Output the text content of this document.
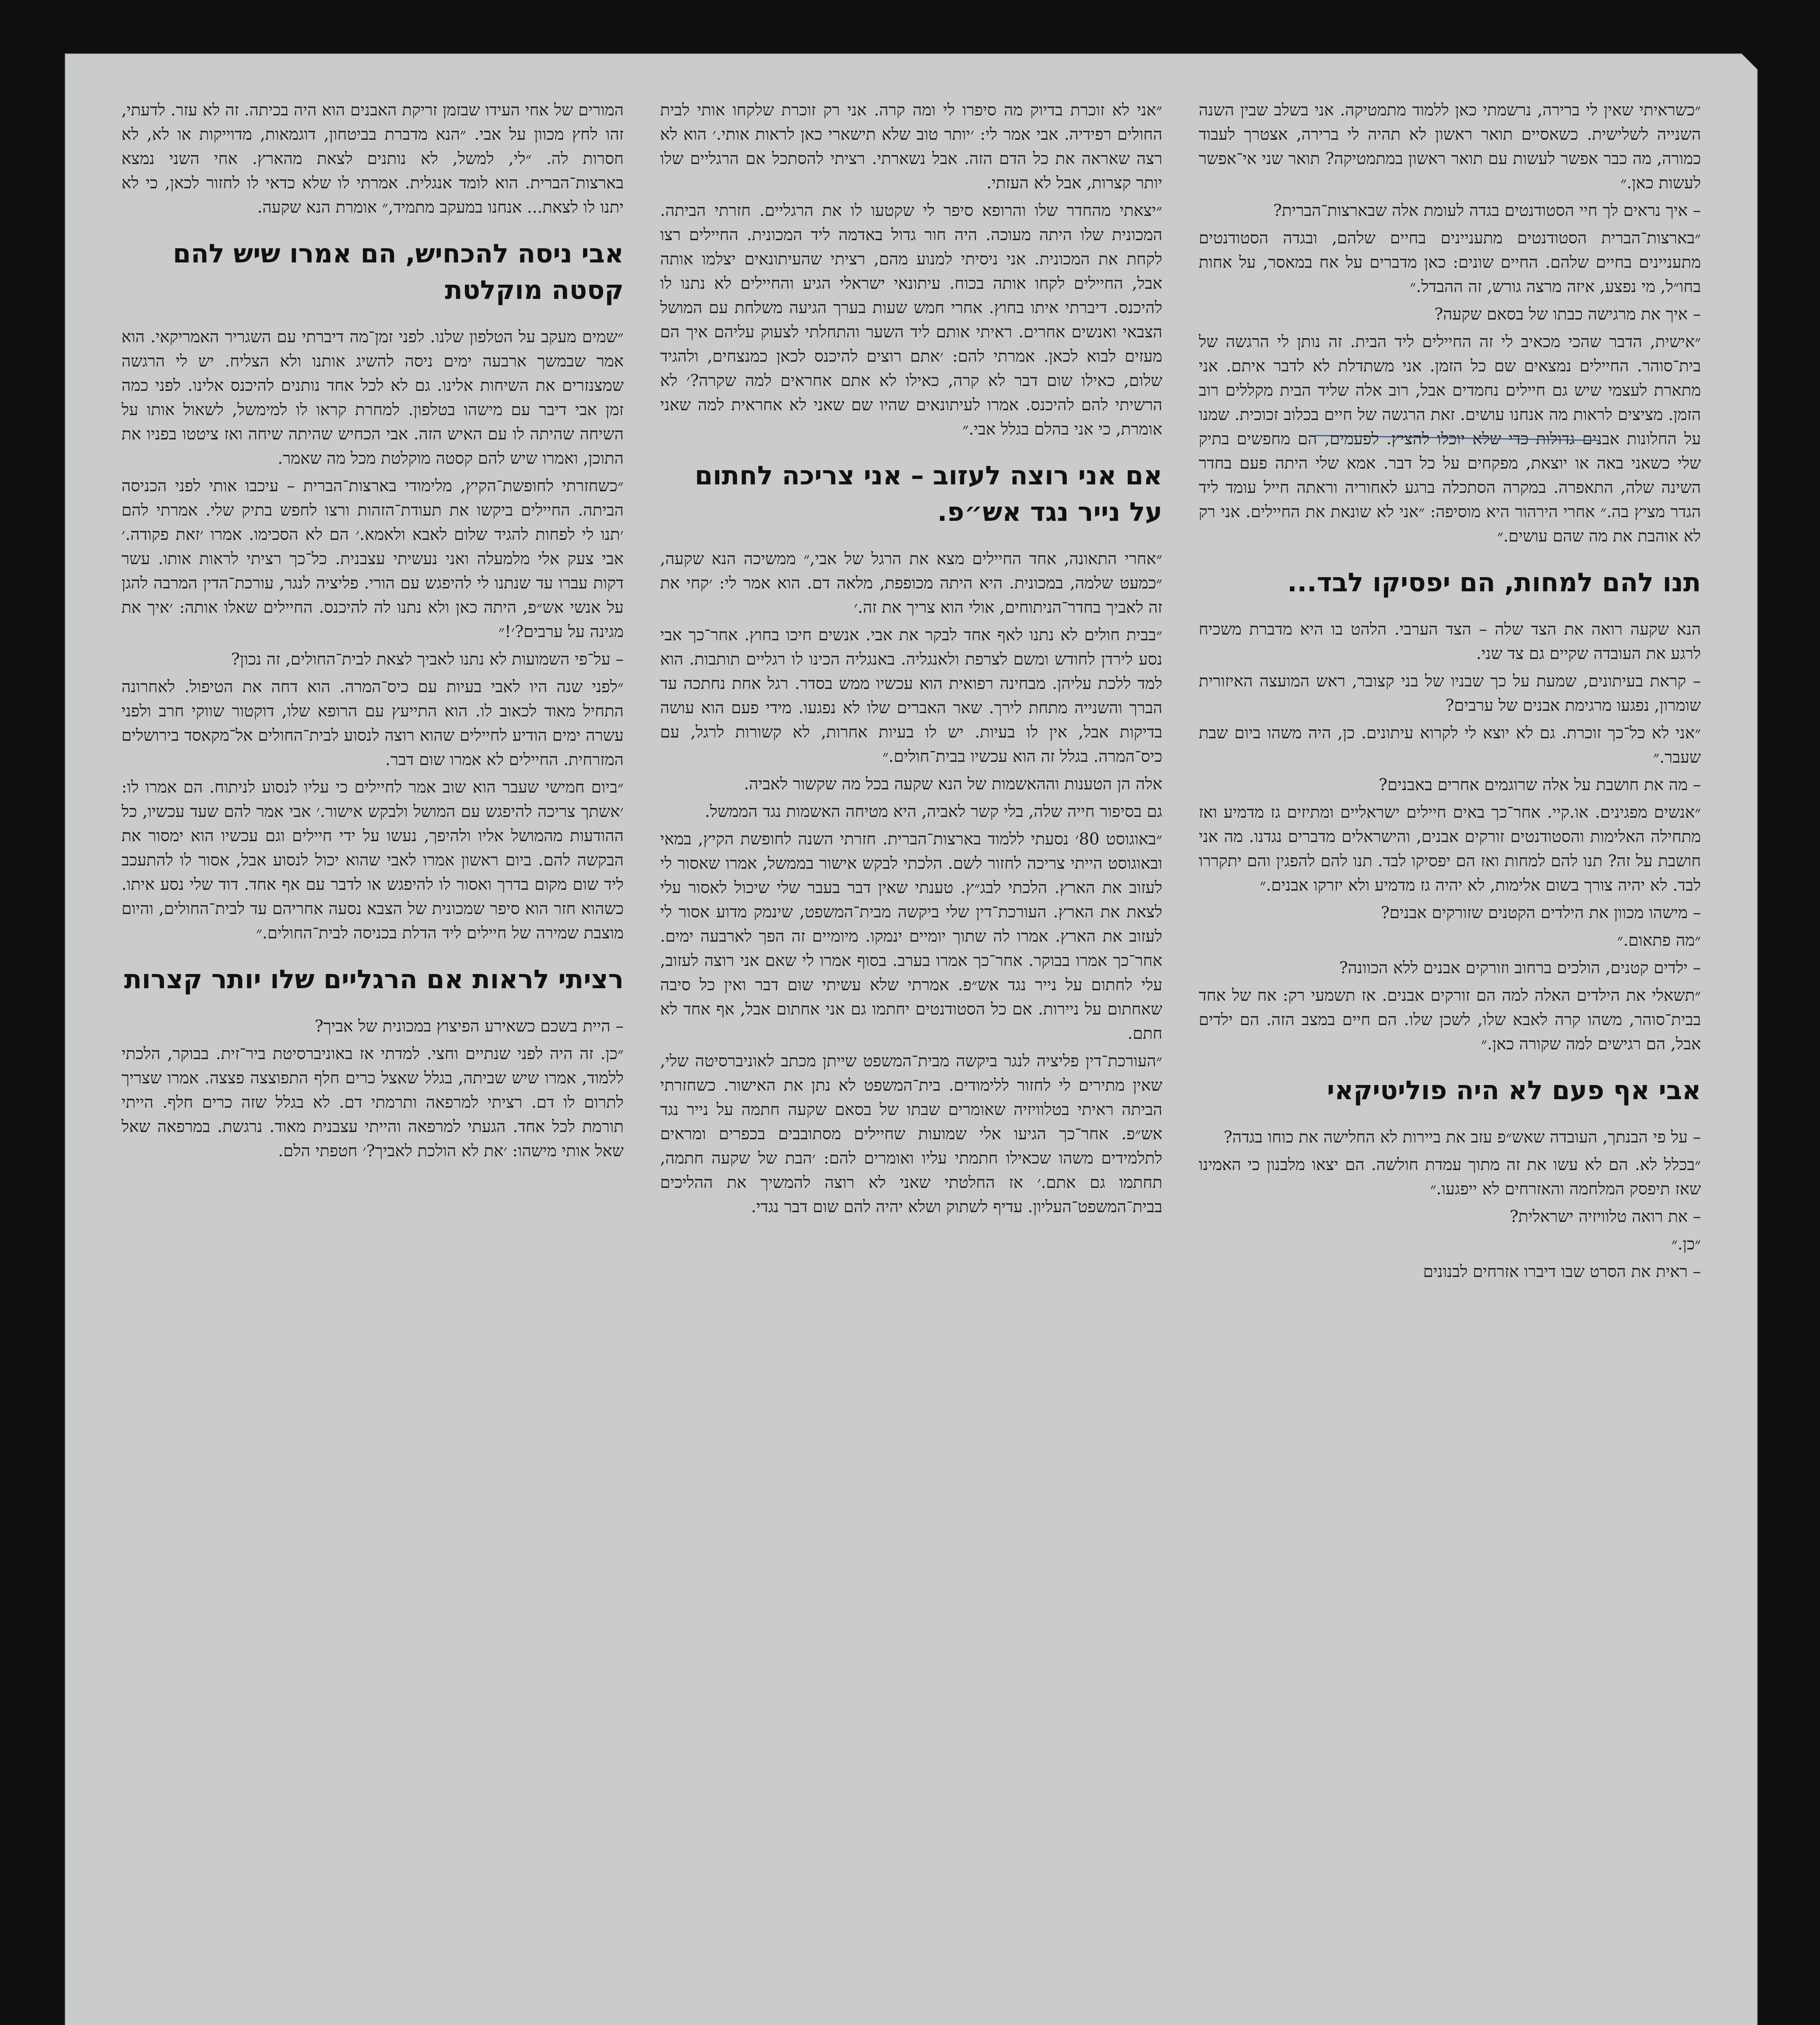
המורים של אחי העידו שבזמן זריקת האבנים הוא היה בכיתה. זה לא עזר. לדעתי, זהו לחץ מכוון על אבי. ״הנא מדברת בביטחון, דוגמאות, מדוייקות או לא, לא חסרות לה. ״לי, למשל, לא נותנים לצאת מהארץ. אחי השני נמצא בארצות־הברית. הוא לומד אנגלית. אמרתי לו שלא כדאי לו לחזור לכאן, כי לא יתנו לו לצאת... אנחנו במעקב מתמיד,״ אומרת הנא שקעה.

אבי ניסה להכחיש, הם אמרו שיש להם קסטה מוקלטת

״שמים מעקב על הטלפון שלנו. לפני זמן־מה דיברתי עם השגריר האמריקאי. הוא אמר שבמשך ארבעה ימים ניסה להשיג אותנו ולא הצליח. יש לי הרגשה שמצנזרים את השיחות אלינו. גם לא לכל אחד נותנים להיכנס אלינו. לפני כמה זמן אבי דיבר עם מישהו בטלפון. למחרת קראו לו למימשל, לשאול אותו על השיחה שהיתה לו עם האיש הזה. אבי הכחיש שהיתה שיחה ואז ציטטו בפניו את התוכן, ואמרו שיש להם קסטה מוקלטת מכל מה שאמר.

״כשחזרתי לחופשת־הקיץ, מלימודי בארצות־הברית – עיכבו אותי לפני הכניסה הביתה. החיילים ביקשו את תעודת־הזהות ורצו לחפש בתיק שלי. אמרתי להם ׳תנו לי לפחות להגיד שלום לאבא ולאמא.׳ הם לא הסכימו. אמרו ׳זאת פקודה.׳ אבי צעק אלי מלמעלה ואני נעשיתי עצבנית. כל־כך רציתי לראות אותו. עשר דקות עברו עד שנתנו לי להיפגש עם הורי. פליציה לנגר, עורכת־הדין המרבה להגן על אנשי אש״פ, היתה כאן ולא נתנו לה להיכנס. החיילים שאלו אותה: ׳איך את מגינה על ערבים?׳!״

– על־פי השמועות לא נתנו לאביך לצאת לבית־החולים, זה נכון?

״לפני שנה היו לאבי בעיות עם כיס־המרה. הוא דחה את הטיפול. לאחרונה התחיל מאוד לכאוב לו. הוא התייעץ עם הרופא שלו, דוקטור שווקי חרב ולפני עשרה ימים הודיע לחיילים שהוא רוצה לנסוע לבית־החולים אל־מקאסד בירושלים המזרחית. החיילים לא אמרו שום דבר.

״ביום חמישי שעבר הוא שוב אמר לחיילים כי עליו לנסוע לניתוח. הם אמרו לו: ׳אשתך צריכה להיפגש עם המושל ולבקש אישור.׳ אבי אמר להם שעד עכשיו, כל ההודעות מהמושל אליו ולהיפך, נעשו על ידי חיילים וגם עכשיו הוא ימסור את הבקשה להם. ביום ראשון אמרו לאבי שהוא יכול לנסוע אבל, אסור לו להתעכב ליד שום מקום בדרך ואסור לו להיפגש או לדבר עם אף אחד. דוד שלי נסע איתו. כשהוא חזר הוא סיפר שמכונית של הצבא נסעה אחריהם עד לבית־החולים, והיום מוצבת שמירה של חיילים ליד הדלת בכניסה לבית־החולים.״

רציתי לראות אם הרגליים שלו יותר קצרות

– היית בשכם כשאירע הפיצוץ במכונית של אביך?

״כן. זה היה לפני שנתיים וחצי. למדתי אז באוניברסיטת ביר־זית. בבוקר, הלכתי ללמוד, אמרו שיש שביתה, בגלל שאצל כרים חלף התפוצצה פצצה. אמרו שצריך לתרום לו דם. רציתי למרפאה ותרמתי דם. לא בגלל שזה כרים חלף. הייתי תורמת לכל אחד. הגעתי למרפאה והייתי עצבנית מאוד. נרגשת. במרפאה שאל שאל אותי מישהו: ׳את לא הולכת לאביך?׳ חטפתי הלם.

״אני לא זוכרת בדיוק מה סיפרו לי ומה קרה. אני רק זוכרת שלקחו אותי לבית החולים רפידיה. אבי אמר לי: ׳יותר טוב שלא תישארי כאן לראות אותי.׳ הוא לא רצה שאראה את כל הדם הזה. אבל נשארתי. רציתי להסתכל אם הרגליים שלו יותר קצרות, אבל לא העזתי.

״יצאתי מהחדר שלו והרופא סיפר לי שקטעו לו את הרגליים. חזרתי הביתה. המכונית שלו היתה מעוכה. היה חור גדול באדמה ליד המכונית. החיילים רצו לקחת את המכונית. אני ניסיתי למנוע מהם, רציתי שהעיתונאים יצלמו אותה אבל, החיילים לקחו אותה בכוח. עיתונאי ישראלי הגיע והחיילים לא נתנו לו להיכנס. דיברתי איתו בחוץ. אחרי חמש שעות בערך הגיעה משלחת עם המושל הצבאי ואנשים אחרים. ראיתי אותם ליד השער והתחלתי לצעוק עליהם איך הם מעזים לבוא לכאן. אמרתי להם: ׳אתם רוצים להיכנס לכאן כמנצחים, ולהגיד שלום, כאילו שום דבר לא קרה, כאילו לא אתם אחראים למה שקרה?׳ לא הרשיתי להם להיכנס. אמרו לעיתונאים שהיו שם שאני לא אחראית למה שאני אומרת, כי אני בהלם בגלל אבי.״

אם אני רוצה לעזוב – אני צריכה לחתום על נייר נגד אש״פ.

״אחרי התאונה, אחד החיילים מצא את הרגל של אבי,״ ממשיכה הנא שקעה, ״כמעט שלמה, במכונית. היא היתה מכופפת, מלאה דם. הוא אמר לי: ׳קחי את זה לאביך בחדר־הניתוחים, אולי הוא צריך את זה.׳

״בבית חולים לא נתנו לאף אחד לבקר את אבי. אנשים חיכו בחוץ. אחר־כך אבי נסע לירדן לחודש ומשם לצרפת ולאנגליה. באנגליה הכינו לו רגליים תותבות. הוא למד ללכת עליהן. מבחינה רפואית הוא עכשיו ממש בסדר. רגל אחת נחתכה עד הברך והשנייה מתחת לירך. שאר האברים שלו לא נפגעו. מידי פעם הוא עושה בדיקות אבל, אין לו בעיות. יש לו בעיות אחרות, לא קשורות לרגל, עם כיס־המרה. בגלל זה הוא עכשיו בבית־חולים.״

אלה הן הטענות וההאשמות של הנא שקעה בכל מה שקשור לאביה.

גם בסיפור חייה שלה, בלי קשר לאביה, היא מטיחה האשמות נגד הממשל.

״באוגוסט 80׳ נסעתי ללמוד בארצות־הברית. חזרתי השנה לחופשת הקיץ, במאי ובאוגוסט הייתי צריכה לחזור לשם. הלכתי לבקש אישור בממשל, אמרו שאסור לי לעזוב את הארץ. הלכתי לבג״ץ. טענתי שאין דבר בעבר שלי שיכול לאסור עלי לצאת את הארץ. העורכת־דין שלי ביקשה מבית־המשפט, שינמק מדוע אסור לי לעזוב את הארץ. אמרו לה שתוך יומיים ינמקו. מיומיים זה הפך לארבעה ימים. אחר־כך אמרו בבוקר. אחר־כך אמרו בערב. בסוף אמרו לי שאם אני רוצה לעזוב, עלי לחתום על נייר נגד אש״פ. אמרתי שלא עשיתי שום דבר ואין כל סיבה שאחתום על ניירות. אם כל הסטודנטים יחתמו גם אני אחתום אבל, אף אחד לא חתם.

״העורכת־דין פליציה לנגר ביקשה מבית־המשפט שייתן מכתב לאוניברסיטה שלי, שאין מתירים לי לחזור ללימודים. בית־המשפט לא נתן את האישור. כשחזרתי הביתה ראיתי בטלוויזיה שאומרים שבתו של בסאם שקעה חתמה על נייר נגד אש״פ. אחר־כך הגיעו אלי שמועות שחיילים מסתובבים בכפרים ומראים לתלמידים משהו שכאילו חתמתי עליו ואומרים להם: ׳הבת של שקעה חתמה, תחתמו גם אתם.׳ אז החלטתי שאני לא רוצה להמשיך את ההליכים בבית־המשפט־העליון. עדיף לשתוק ושלא יהיה להם שום דבר נגדי.

״כשראיתי שאין לי ברירה, נרשמתי כאן ללמוד מתמטיקה. אני בשלב שבין השנה השנייה לשלישית. כשאסיים תואר ראשון לא תהיה לי ברירה, אצטרך לעבוד כמורה, מה כבר אפשר לעשות עם תואר ראשון במתמטיקה? תואר שני אי־אפשר לעשות כאן.״

– איך נראים לך חיי הסטודנטים בגדה לעומת אלה שבארצות־הברית?

״בארצות־הברית הסטודנטים מתעניינים בחיים שלהם, ובגדה הסטודנטים מתעניינים בחיים שלהם. החיים שונים: כאן מדברים על אח במאסר, על אחות בחו״ל, מי נפצע, איזה מרצה גורש, זה ההבדל.״

– איך את מרגישה כבתו של בסאם שקעה?

״אישית, הדבר שהכי מכאיב לי זה החיילים ליד הבית. זה נותן לי הרגשה של בית־סוהר. החיילים נמצאים שם כל הזמן. אני משתדלת לא לדבר איתם. אני מתארת לעצמי שיש גם חיילים נחמדים אבל, רוב אלה שליד הבית מקללים רוב הזמן. מציצים לראות מה אנחנו עושים. זאת הרגשה של חיים בכלוב זכוכית. שמנו על החלונות אבנים גדולות כדי שלא יוכלו להציץ. לפעמים, הם מחפשים בתיק שלי כשאני באה או יוצאת, מפקחים על כל דבר. אמא שלי היתה פעם בחדר השינה שלה, התאפרה. במקרה הסתכלה ברגע לאחוריה וראתה חייל עומד ליד הגדר מציץ בה.״ אחרי הירהור היא מוסיפה: ״אני לא שונאת את החיילים. אני רק לא אוהבת את מה שהם עושים.״

תנו להם למחות, הם יפסיקו לבד...

הנא שקעה רואה את הצד שלה – הצד הערבי. הלהט בו היא מדברת משכיח לרגע את העובדה שקיים גם צד שני.

– קראת בעיתונים, שמעת על כך שבניו של בני קצובר, ראש המועצה האיזורית שומרון, נפגעו מרגימת אבנים של ערבים?

״אני לא כל־כך זוכרת. גם לא יוצא לי לקרוא עיתונים. כן, היה משהו ביום שבת שעבר.״

– מה את חושבת על אלה שרוגמים אחרים באבנים?

״אנשים מפגינים. או.קיי. אחר־כך באים חיילים ישראליים ומתיזים גז מדמיע ואז מתחילה האלימות והסטודנטים זורקים אבנים, והישראלים מדברים נגדנו. מה אני חושבת על זה? תנו להם למחות ואז הם יפסיקו לבד. תנו להם להפגין והם יתקררו לבד. לא יהיה צורך בשום אלימות, לא יהיה גז מדמיע ולא יזרקו אבנים.״

– מישהו מכוון את הילדים הקטנים שזורקים אבנים?

״מה פתאום.״

– ילדים קטנים, הולכים ברחוב וזורקים אבנים ללא הכוונה?

״תשאלי את הילדים האלה למה הם זורקים אבנים. אז תשמעי רק: אח של אחד בבית־סוהר, משהו קרה לאבא שלו, לשכן שלו. הם חיים במצב הזה. הם ילדים אבל, הם רגישים למה שקורה כאן.״

אבי אף פעם לא היה פוליטיקאי

– על פי הבנתך, העובדה שאש״פ עזב את ביירות לא החלישה את כוחו בגדה?

״בכלל לא. הם לא עשו את זה מתוך עמדת חולשה. הם יצאו מלבנון כי האמינו שאז תיפסק המלחמה והאזרחים לא ייפגעו.״

– את רואה טלוויזיה ישראלית?

״כן.״

– ראית את הסרט שבו דיברו אזרחים לבנונים
